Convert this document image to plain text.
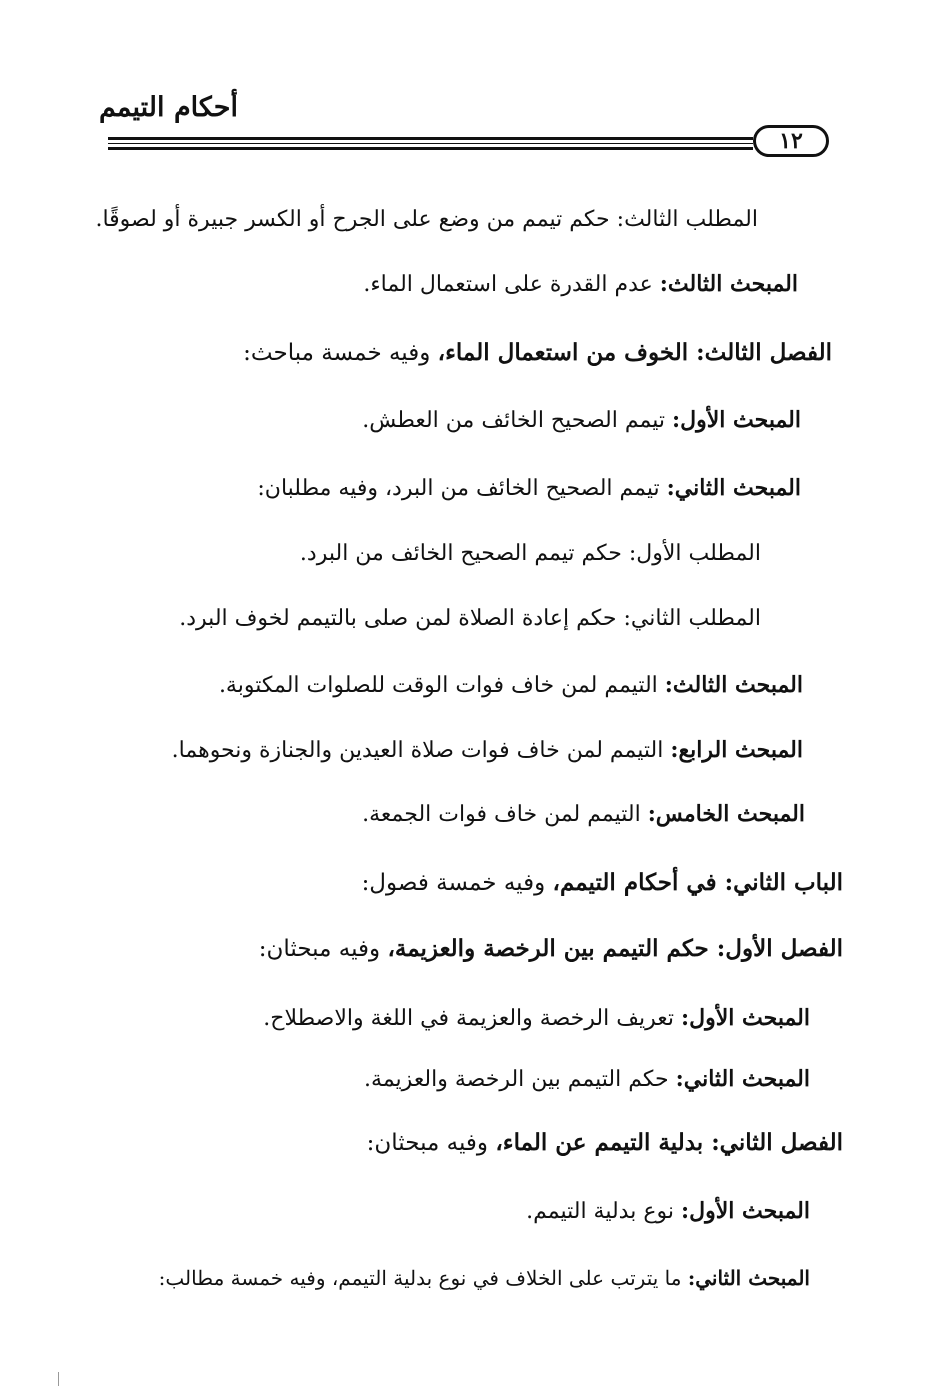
أحكام التيمم
١٢
المطلب الثالث: حكم تيمم من وضع على الجرح أو الكسر جبيرة أو لصوقًا.
المبحث الثالث: عدم القدرة على استعمال الماء.
الفصل الثالث: الخوف من استعمال الماء، وفيه خمسة مباحث:
المبحث الأول: تيمم الصحيح الخائف من العطش.
المبحث الثاني: تيمم الصحيح الخائف من البرد، وفيه مطلبان:
المطلب الأول: حكم تيمم الصحيح الخائف من البرد.
المطلب الثاني: حكم إعادة الصلاة لمن صلى بالتيمم لخوف البرد.
المبحث الثالث: التيمم لمن خاف فوات الوقت للصلوات المكتوبة.
المبحث الرابع: التيمم لمن خاف فوات صلاة العيدين والجنازة ونحوهما.
المبحث الخامس: التيمم لمن خاف فوات الجمعة.
الباب الثاني: في أحكام التيمم، وفيه خمسة فصول:
الفصل الأول: حكم التيمم بين الرخصة والعزيمة، وفيه مبحثان:
المبحث الأول: تعريف الرخصة والعزيمة في اللغة والاصطلاح.
المبحث الثاني: حكم التيمم بين الرخصة والعزيمة.
الفصل الثاني: بدلية التيمم عن الماء، وفيه مبحثان:
المبحث الأول: نوع بدلية التيمم.
المبحث الثاني: ما يترتب على الخلاف في نوع بدلية التيمم، وفيه خمسة مطالب:
